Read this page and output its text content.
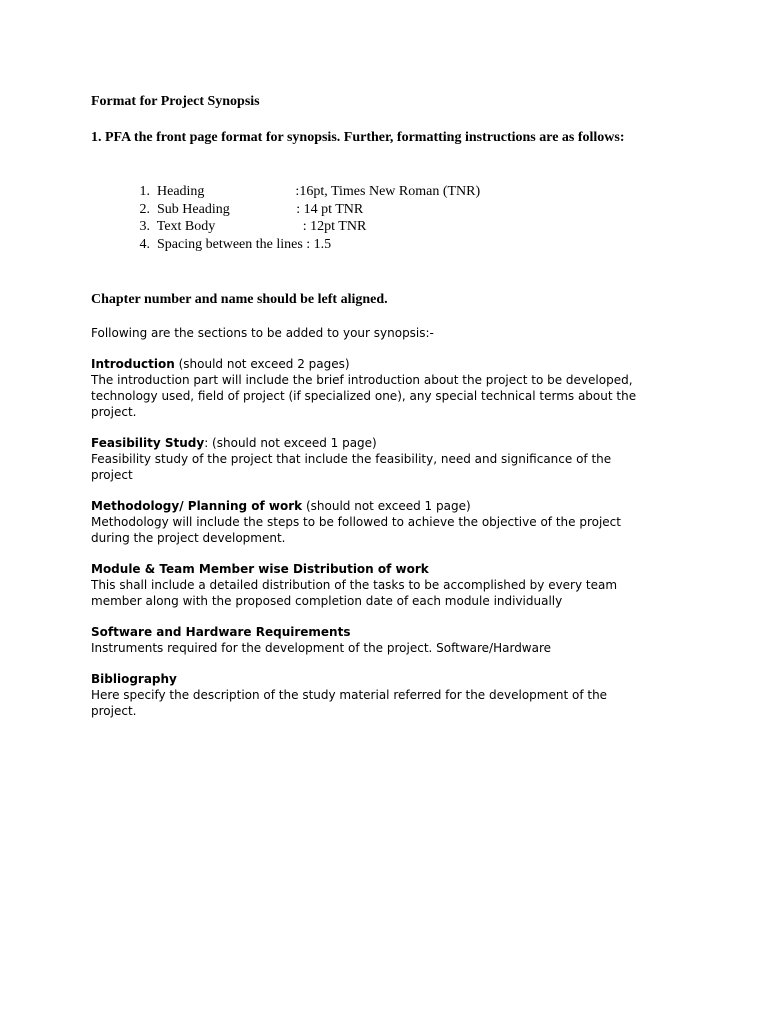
Format for Project Synopsis
1. PFA the front page format for synopsis. Further, formatting instructions are as follows:
1. Heading                          :16pt, Times New Roman (TNR)
2. Sub Heading                   : 14 pt TNR
3. Text Body                         : 12pt TNR
4. Spacing between the lines : 1.5
Chapter number and name should be left aligned.
Following are the sections to be added to your synopsis:-
Introduction (should not exceed 2 pages)
The introduction part will include the brief introduction about the project to be developed,
technology used, field of project (if specialized one), any special technical terms about the
project.
Feasibility Study: (should not exceed 1 page)
Feasibility study of the project that include the feasibility, need and significance of the
project
Methodology/ Planning of work (should not exceed 1 page)
Methodology will include the steps to be followed to achieve the objective of the project
during the project development.
Module & Team Member wise Distribution of work
This shall include a detailed distribution of the tasks to be accomplished by every team
member along with the proposed completion date of each module individually
Software and Hardware Requirements
Instruments required for the development of the project. Software/Hardware
Bibliography
Here specify the description of the study material referred for the development of the
project.
